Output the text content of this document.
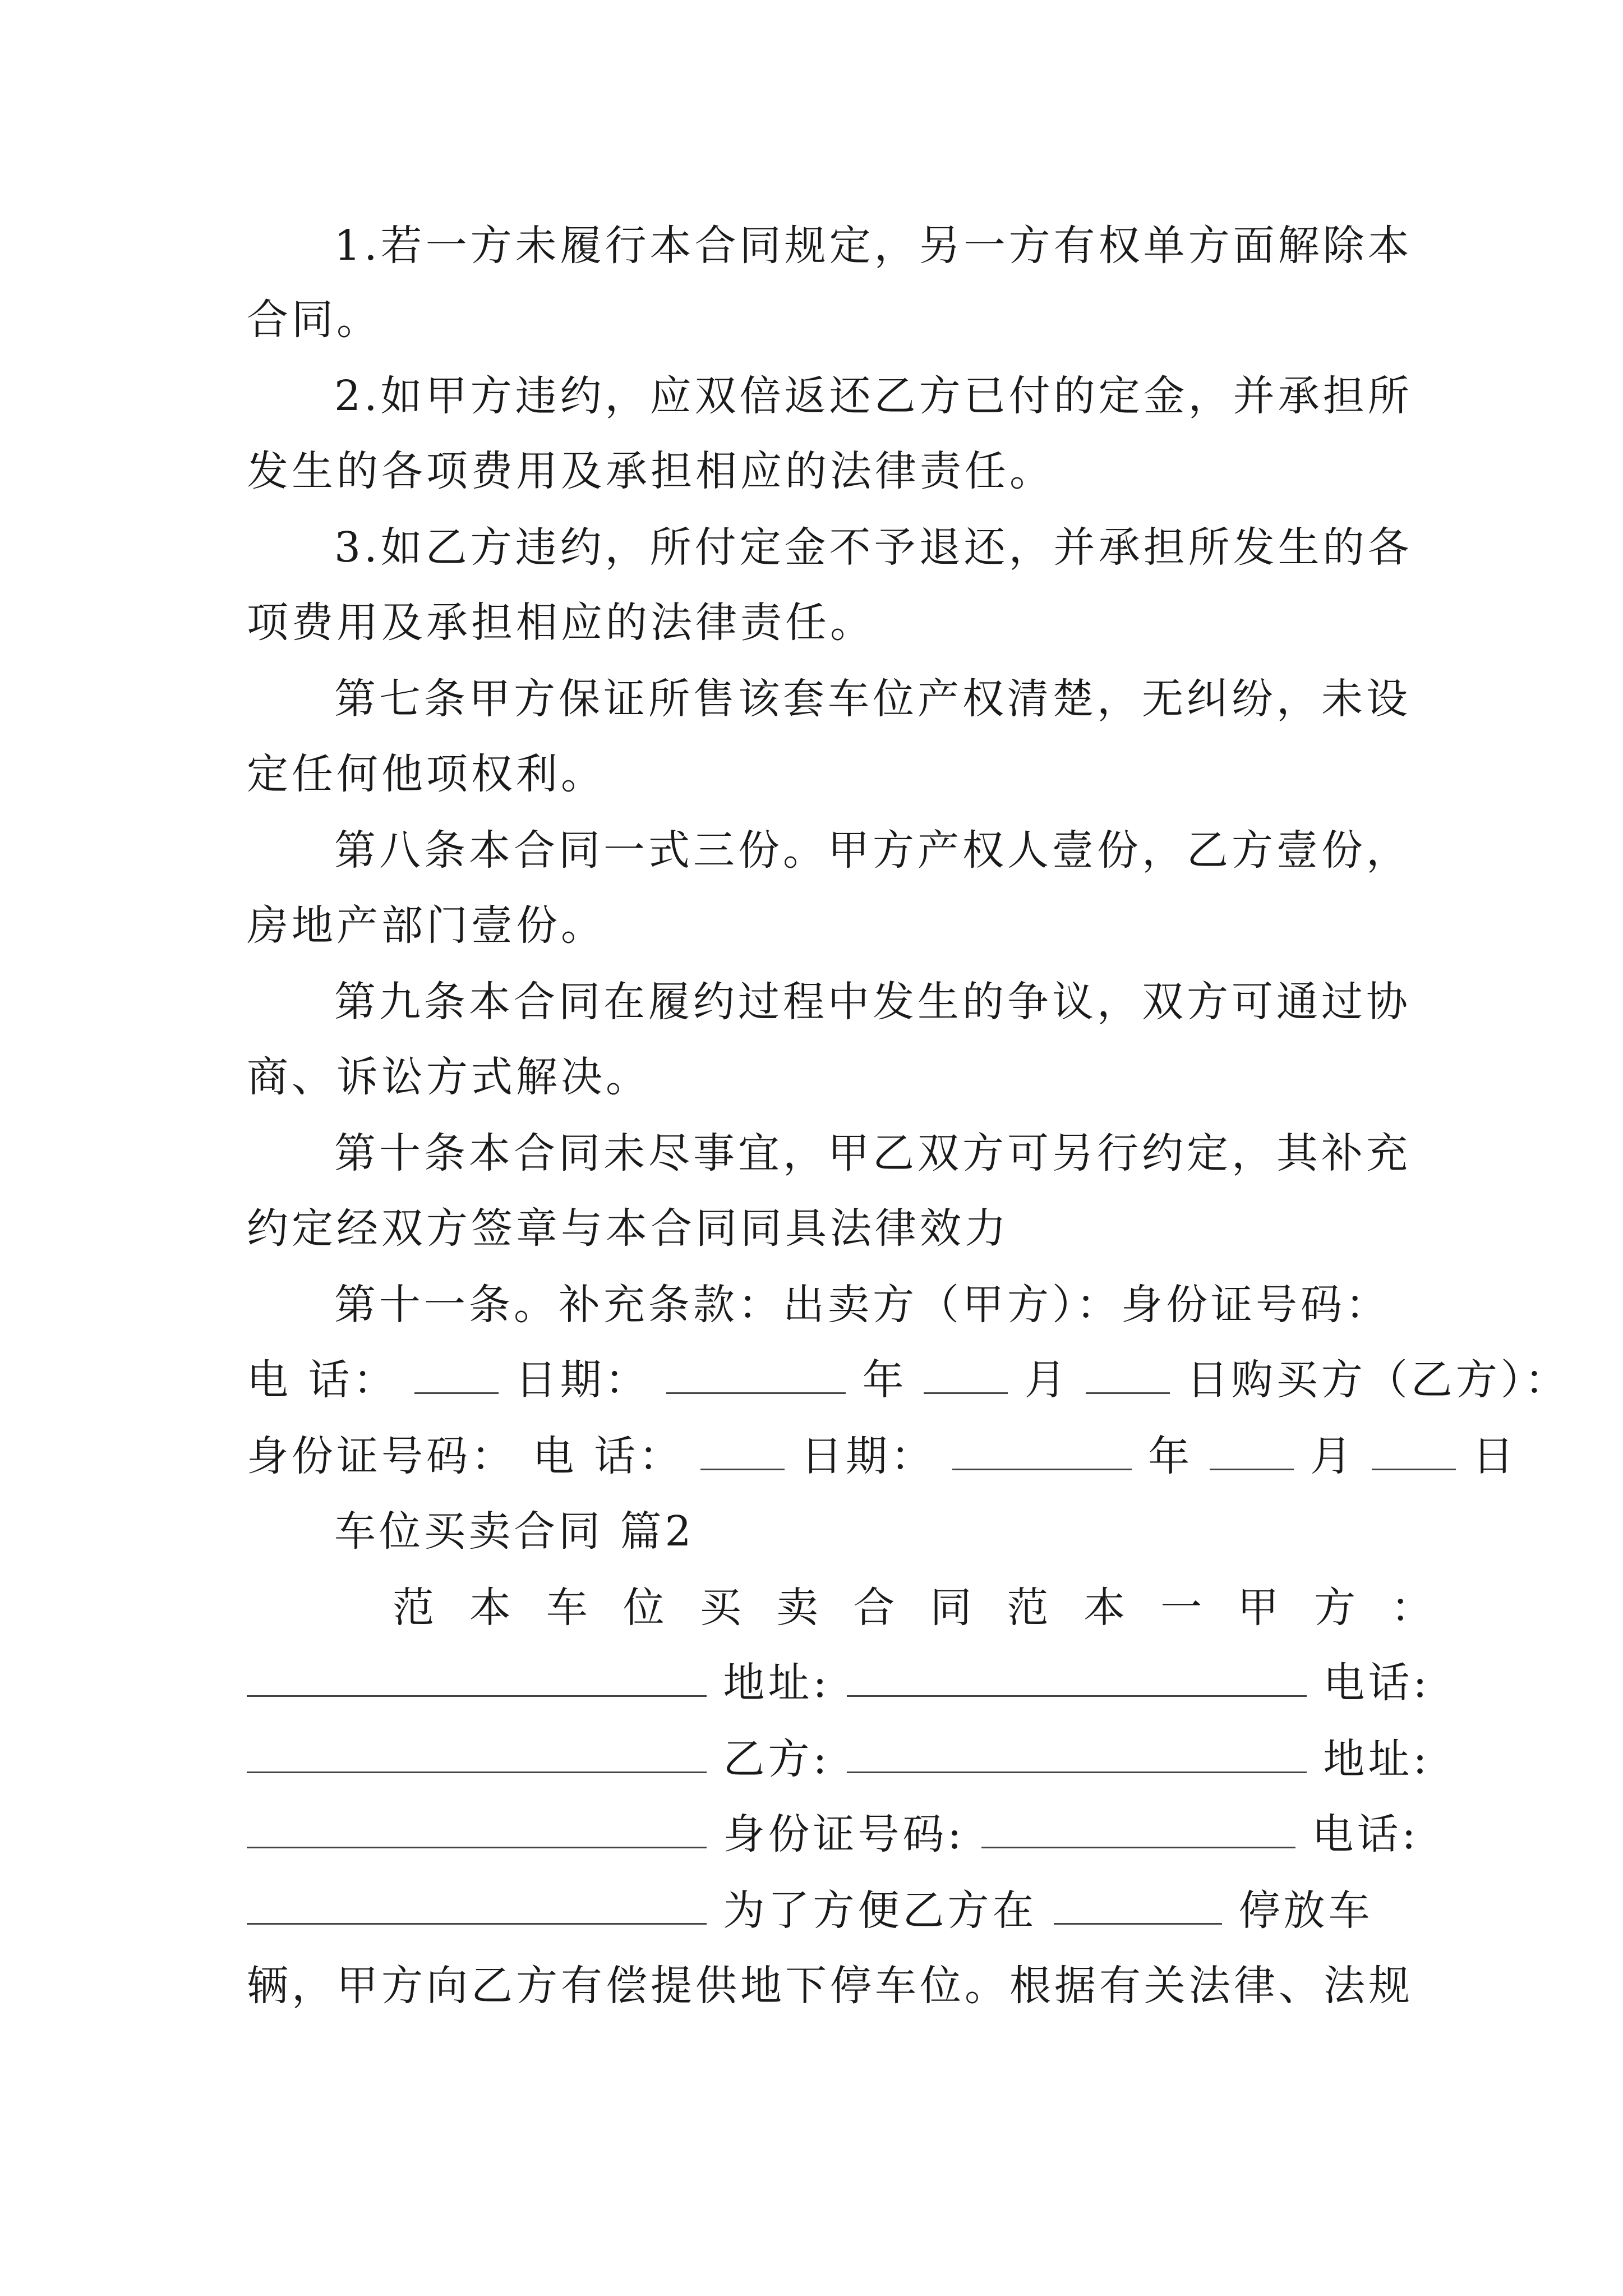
1.若一方未履行本合同规定，另一方有权单方面解除本
合同。
2.如甲方违约，应双倍返还乙方已付的定金，并承担所
发生的各项费用及承担相应的法律责任。
3.如乙方违约，所付定金不予退还，并承担所发生的各
项费用及承担相应的法律责任。
第七条甲方保证所售该套车位产权清楚，无纠纷，未设
定任何他项权利。
第八条本合同一式三份。甲方产权人壹份，乙方壹份，
房地产部门壹份。
第九条本合同在履约过程中发生的争议，双方可通过协
商、诉讼方式解决。
第十条本合同未尽事宜，甲乙双方可另行约定，其补充
约定经双方签章与本合同同具法律效力
第十一条。补充条款：出卖方（甲方）：身份证号码：
电 话：	日期：	年	月	日购买方（乙方）：
身份证号码： 电 话：	日期：	年	月	日
车位买卖合同 篇2
范 本 车 位 买 卖 合 同 范 本 一 甲 方 ：
地址:	电话:
乙方:	地址:
身份证号码:	电话:
为了方便乙方在	停放车
辆，甲方向乙方有偿提供地下停车位。根据有关法律、法规
